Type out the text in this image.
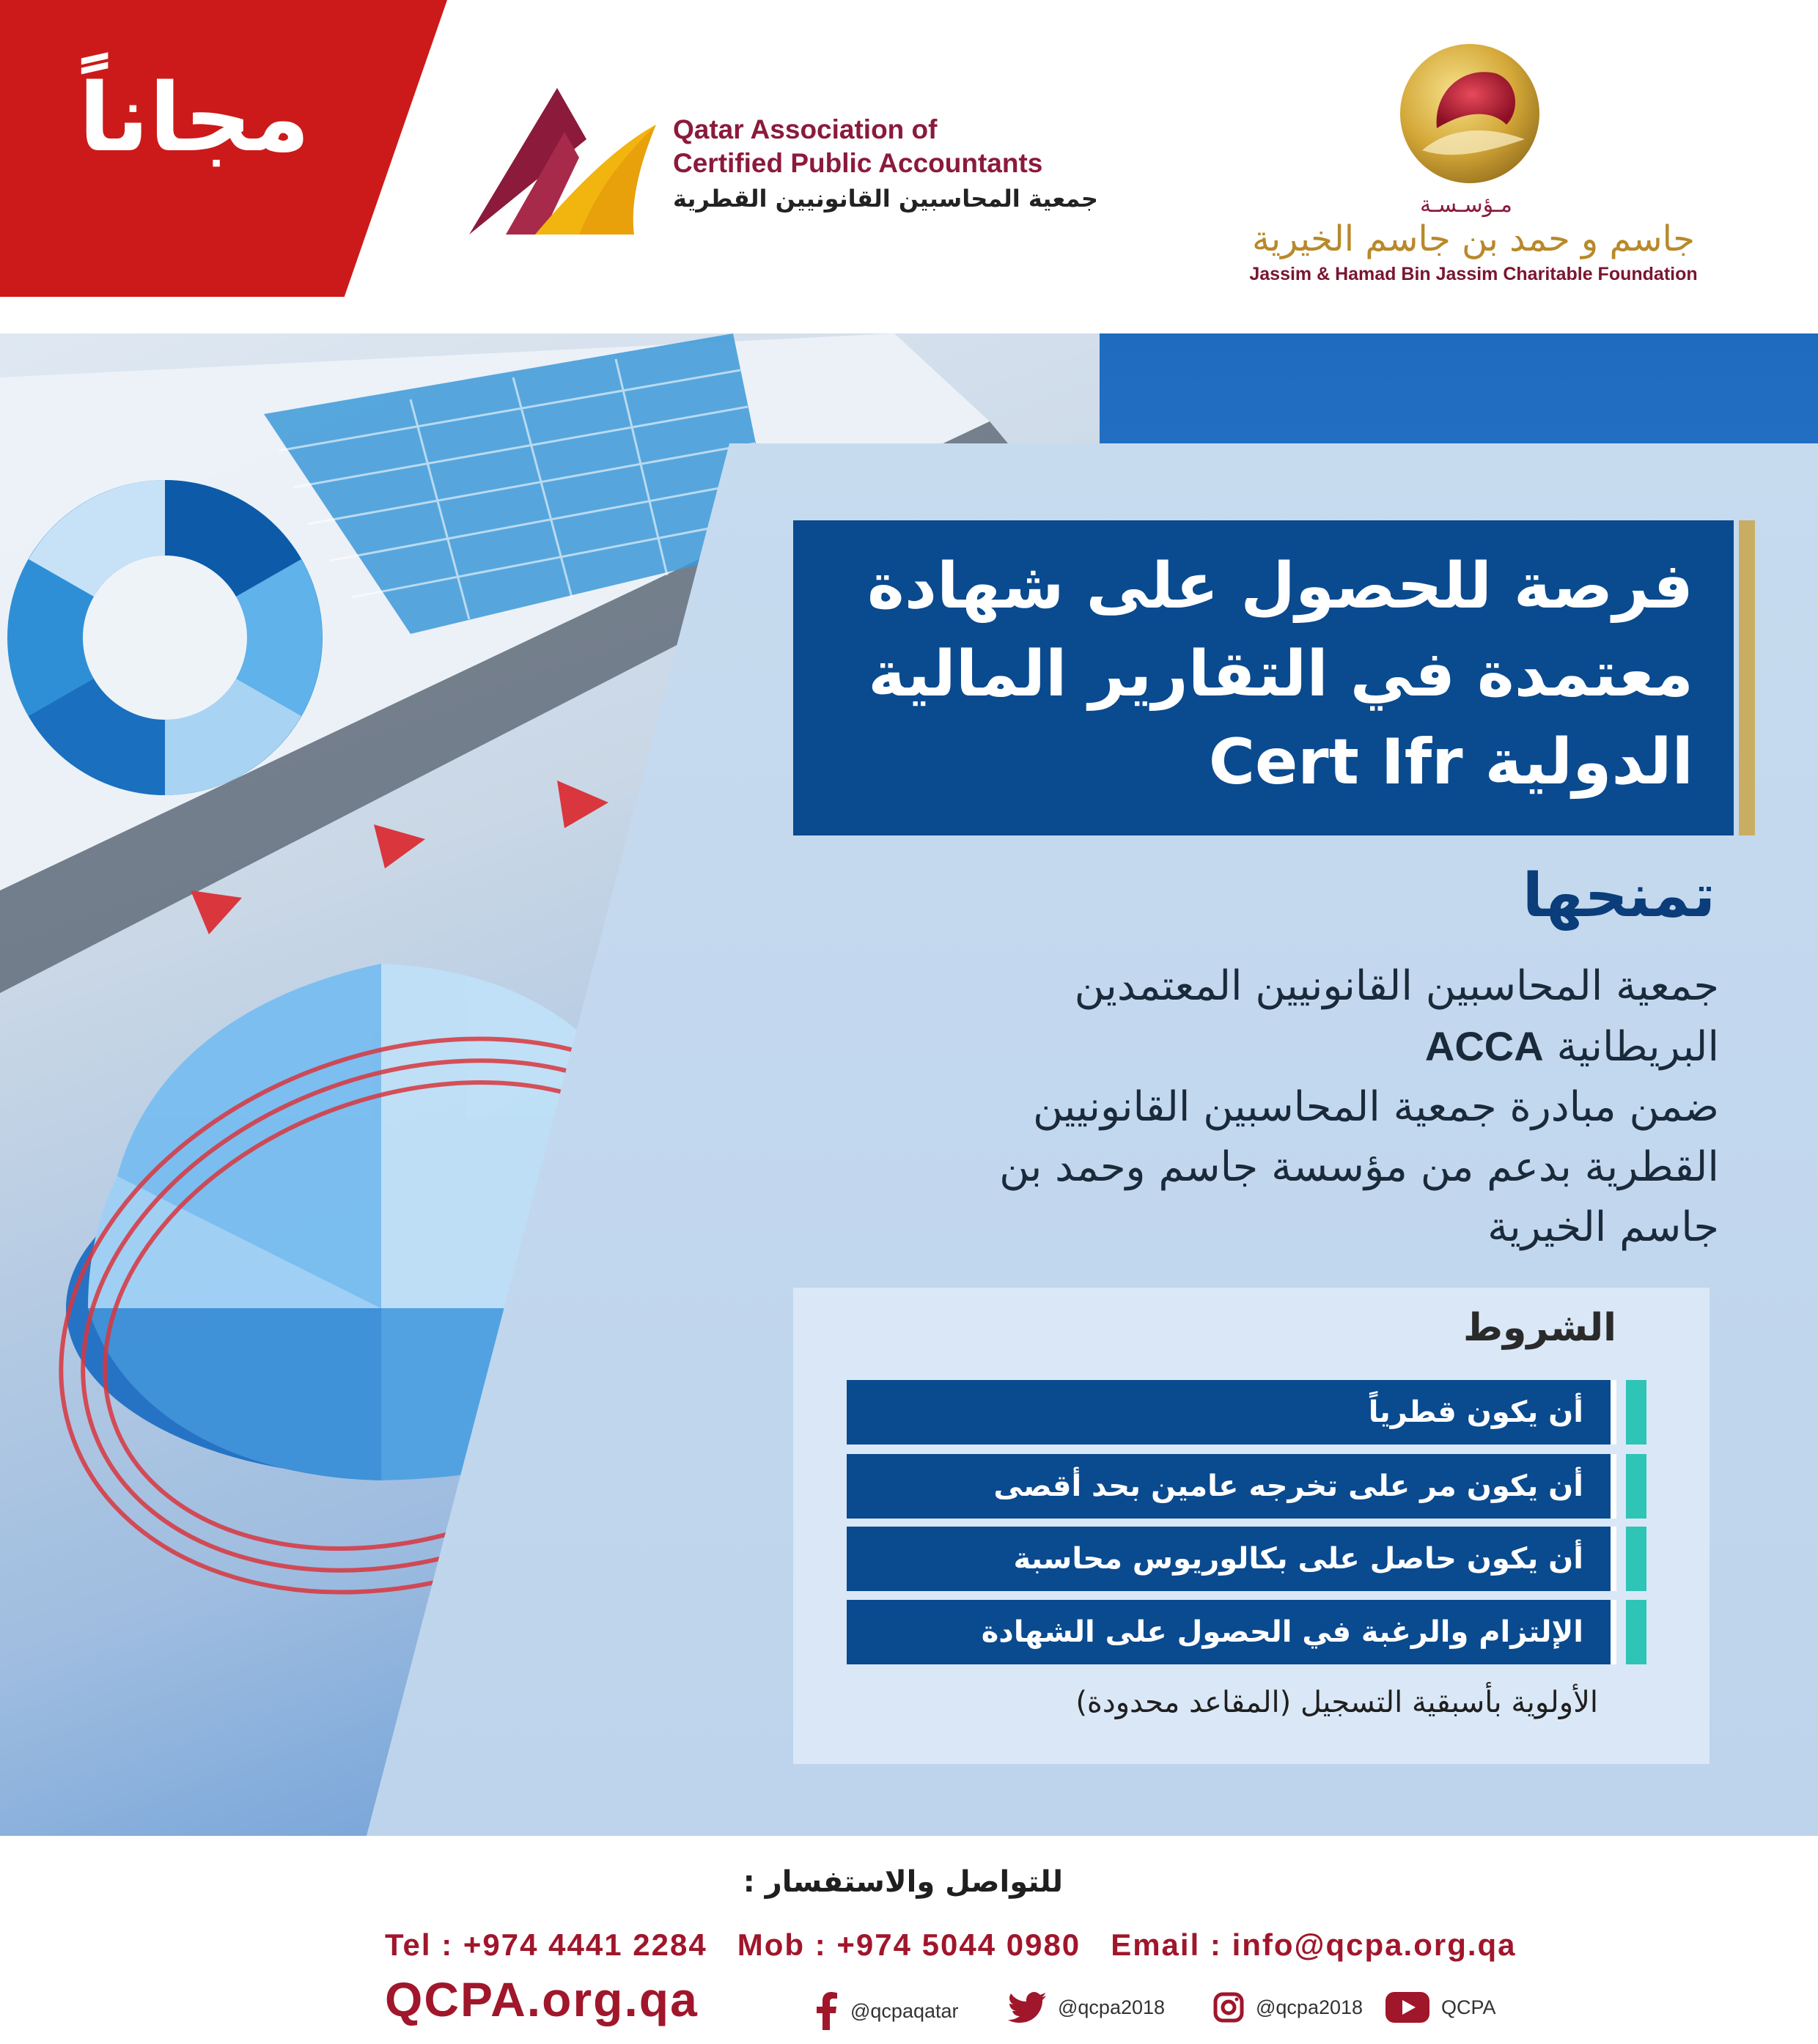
مجاناً	Qatar Association of
Certified Public Accountants
جمعية المحاسبين القانونيين القطرية	مـؤسـسـة
جاسم و حمد بن جاسم الخيرية
Jassim & Hamad Bin Jassim Charitable Foundation
فرصة للحصول على شهادة
معتمدة في التقارير المالية
الدولية Cert Ifr
تمنحها
جمعية المحاسبين القانونيين المعتمدين
البريطانية ACCA
ضمن مبادرة جمعية المحاسبين القانونيين
القطرية بدعم من مؤسسة جاسم وحمد بن
جاسم الخيرية
الشروط
أن يكون قطرياً
أن يكون مر على تخرجه عامين بحد أقصى
أن يكون حاصل على بكالوريوس محاسبة
الإلتزام والرغبة في الحصول على الشهادة
الأولوية بأسبقية التسجيل (المقاعد محدودة)
للتواصل والاستفسار :
Tel : +974 4441 2284 Mob : +974 5044 0980 Email : info@qcpa.org.qa
QCPA.org.qa	@qcpaqatar	@qcpa2018	@qcpa2018	QCPA
